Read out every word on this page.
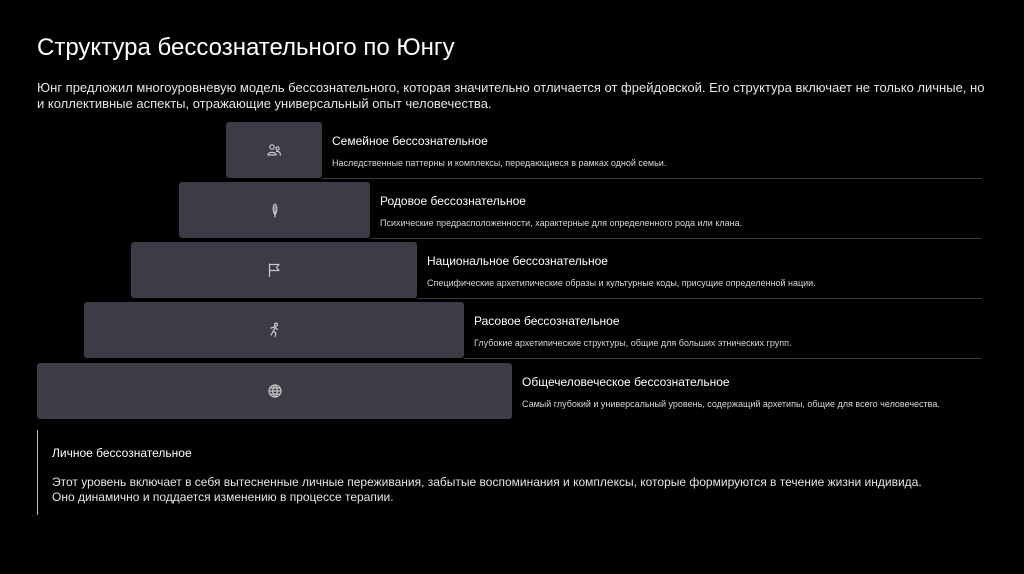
Структура бессознательного по Юнгу
Юнг предложил многоуровневую модель бессознательного, которая значительно отличается от фрейдовской. Его структура включает не только личные, но и коллективные аспекты, отражающие универсальный опыт человечества.
Семейное бессознательное
Наследственные паттерны и комплексы, передающиеся в рамках одной семьи.
Родовое бессознательное
Психические предрасположенности, характерные для определенного рода или клана.
Национальное бессознательное
Специфические архетипические образы и культурные коды, присущие определенной нации.
Расовое бессознательное
Глубокие архетипические структуры, общие для больших этнических групп.
Общечеловеческое бессознательное
Самый глубокий и универсальный уровень, содержащий архетипы, общие для всего человечества.
Личное бессознательное
Этот уровень включает в себя вытесненные личные переживания, забытые воспоминания и комплексы, которые формируются в течение жизни индивида. Оно динамично и поддается изменению в процессе терапии.
